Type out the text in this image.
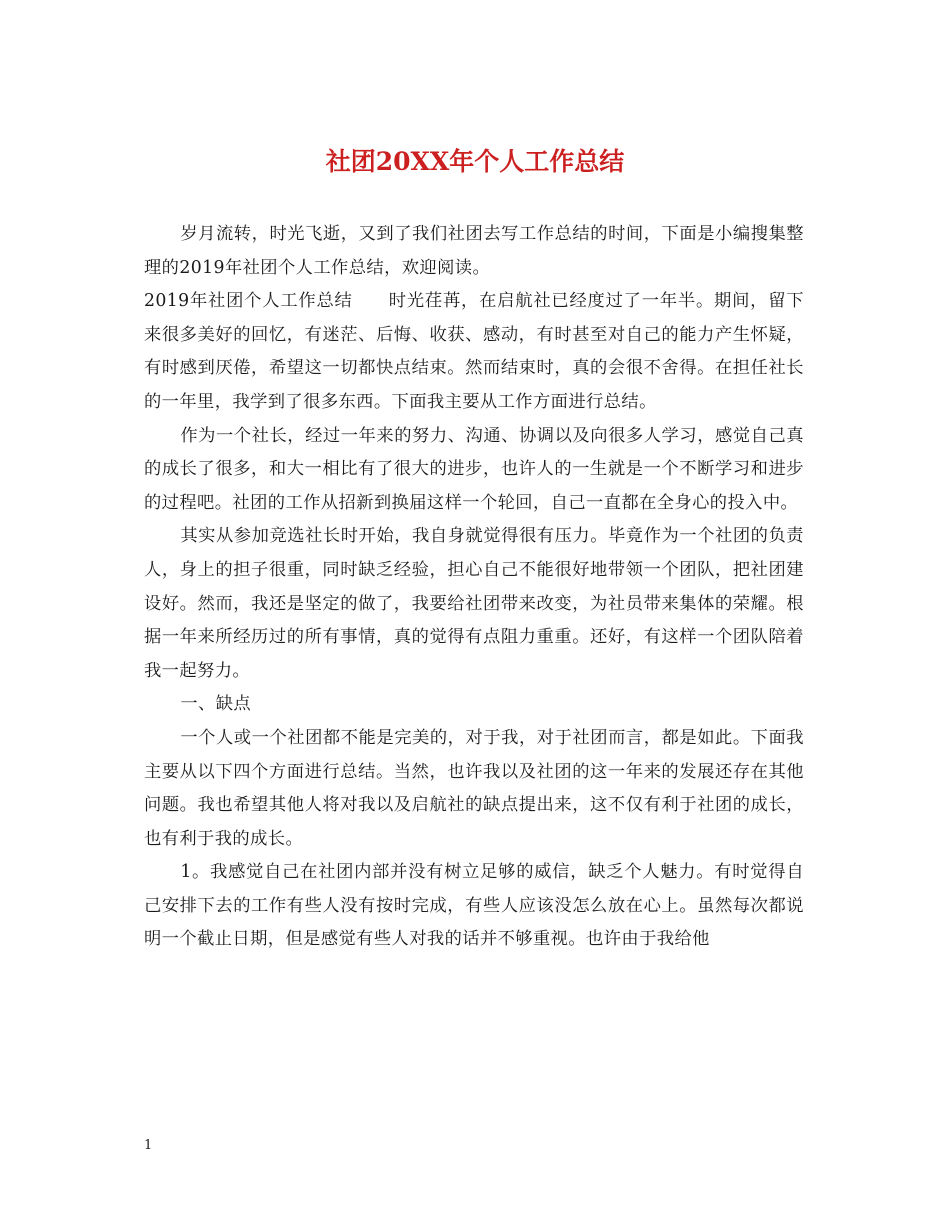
社团20XX年个人工作总结

岁月流转，时光飞逝，又到了我们社团去写工作总结的时间，下面是小编搜集整理的2019年社团个人工作总结，欢迎阅读。

2019年社团个人工作总结　　时光荏苒，在启航社已经度过了一年半。期间，留下来很多美好的回忆，有迷茫、后悔、收获、感动，有时甚至对自己的能力产生怀疑，有时感到厌倦，希望这一切都快点结束。然而结束时，真的会很不舍得。在担任社长的一年里，我学到了很多东西。下面我主要从工作方面进行总结。

作为一个社长，经过一年来的努力、沟通、协调以及向很多人学习，感觉自己真的成长了很多，和大一相比有了很大的进步，也许人的一生就是一个不断学习和进步的过程吧。社团的工作从招新到换届这样一个轮回，自己一直都在全身心的投入中。

其实从参加竞选社长时开始，我自身就觉得很有压力。毕竟作为一个社团的负责人，身上的担子很重，同时缺乏经验，担心自己不能很好地带领一个团队，把社团建设好。然而，我还是坚定的做了，我要给社团带来改变，为社员带来集体的荣耀。根据一年来所经历过的所有事情，真的觉得有点阻力重重。还好，有这样一个团队陪着我一起努力。

一、缺点

一个人或一个社团都不能是完美的，对于我，对于社团而言，都是如此。下面我主要从以下四个方面进行总结。当然，也许我以及社团的这一年来的发展还存在其他问题。我也希望其他人将对我以及启航社的缺点提出来，这不仅有利于社团的成长，也有利于我的成长。

1。我感觉自己在社团内部并没有树立足够的威信，缺乏个人魅力。有时觉得自己安排下去的工作有些人没有按时完成，有些人应该没怎么放在心上。虽然每次都说明一个截止日期，但是感觉有些人对我的话并不够重视。也许由于我给他

1
